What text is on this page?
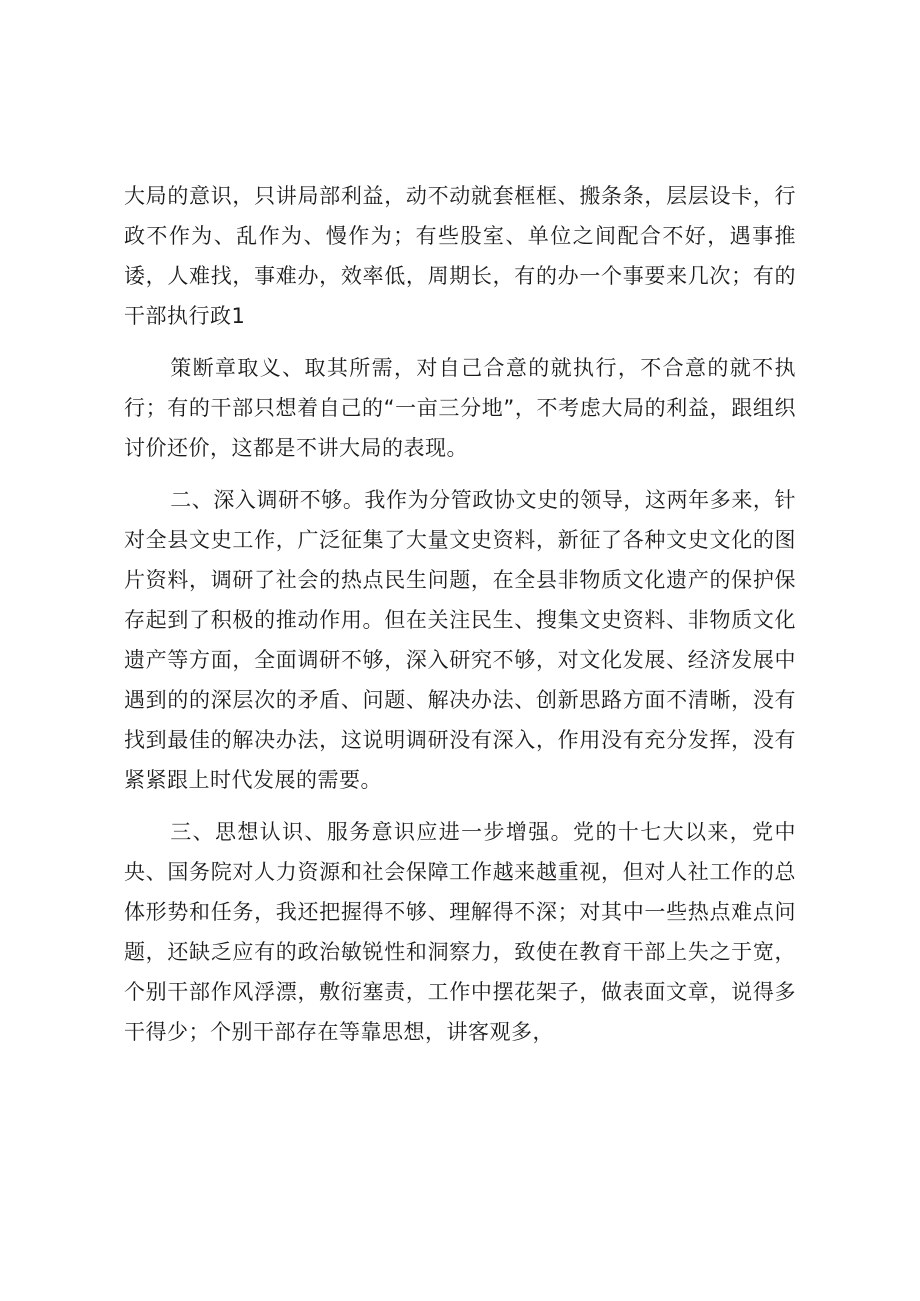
大局的意识，只讲局部利益，动不动就套框框、搬条条，层层设卡，行政不作为、乱作为、慢作为；有些股室、单位之间配合不好，遇事推诿，人难找，事难办，效率低，周期长，有的办一个事要来几次；有的干部执行政1

策断章取义、取其所需，对自己合意的就执行，不合意的就不执行；有的干部只想着自己的“一亩三分地”，不考虑大局的利益，跟组织讨价还价，这都是不讲大局的表现。

二、深入调研不够。我作为分管政协文史的领导，这两年多来，针对全县文史工作，广泛征集了大量文史资料，新征了各种文史文化的图片资料，调研了社会的热点民生问题，在全县非物质文化遗产的保护保存起到了积极的推动作用。但在关注民生、搜集文史资料、非物质文化遗产等方面，全面调研不够，深入研究不够，对文化发展、经济发展中遇到的的深层次的矛盾、问题、解决办法、创新思路方面不清晰，没有找到最佳的解决办法，这说明调研没有深入，作用没有充分发挥，没有紧紧跟上时代发展的需要。

三、思想认识、服务意识应进一步增强。党的十七大以来，党中央、国务院对人力资源和社会保障工作越来越重视，但对人社工作的总体形势和任务，我还把握得不够、理解得不深；对其中一些热点难点问题，还缺乏应有的政治敏锐性和洞察力，致使在教育干部上失之于宽，个别干部作风浮漂，敷衍塞责，工作中摆花架子，做表面文章，说得多干得少；个别干部存在等靠思想，讲客观多，
